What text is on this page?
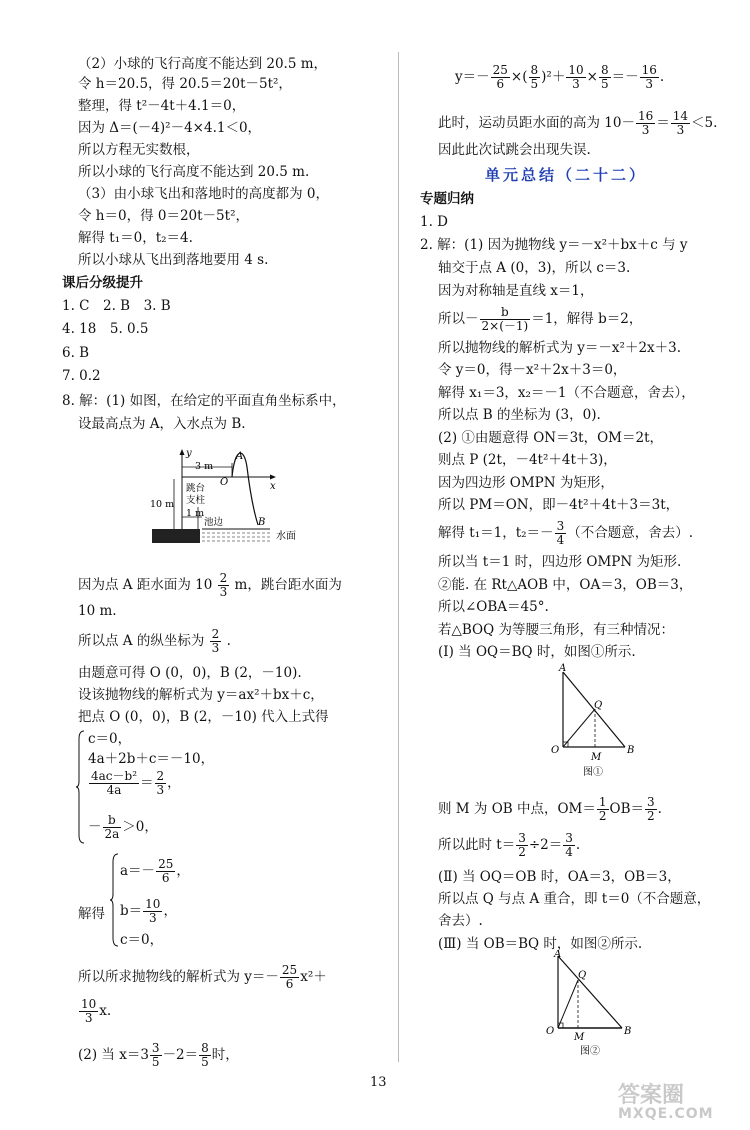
（2）小球的飞行高度不能达到 20.5 m，
令 h＝20.5，得 20.5＝20t－5t²，
整理，得 t²－4t＋4.1＝0，
因为 Δ＝(－4)²－4×4.1＜0，
所以方程无实数根，
所以小球的飞行高度不能达到 20.5 m.
（3）由小球飞出和落地时的高度都为 0，
令 h＝0，得 0＝20t－5t²，
解得 t₁＝0，t₂＝4.
所以小球从飞出到落地要用 4 s.
课后分级提升
1. C　2. B　3. B
4. 18　5. 0.5
6. B
7. 0.2
8. 解：(1) 如图，在给定的平面直角坐标系中，
设最高点为 A，入水点为 B.
y
x
A
O
B
3 m
10 m
跳台
支柱
1 m
池边
水面
因为点 A 距水面为 $10 \frac{2}{3}$ m，跳台距水面为
10 m.
所以点 A 的纵坐标为 $\frac{2}{3}$ .
由题意可得 O (0，0)，B (2，－10).
设该抛物线的解析式为 y＝ax²＋bx＋c，
把点 O (0，0)，B (2，－10) 代入上式得
c＝0，
4a＋2b＋c＝－10，
$\frac{\text{4ac－b²}}{4a} = \frac{2}{3}$ ，
－ $\frac{b}{2a} >0$，
解得
$a=- \frac{25}{6}$ ，
$b= \frac{10}{3}$ ，
c＝0，
所以所求抛物线的解析式为 $y=- \frac{25}{6} x^2+$
$\frac{10}{3} x$.
(2) 当 $x=3 \frac{3}{5} -2= \frac{8}{5}$ 时，
$y=- \frac{25}{6}$ ×( $\frac{8}{5} )^2+ \frac{10}{3} \times \frac{8}{5} =- \frac{16}{3}$ .
此时，运动员距水面的高为 $10- \frac{16}{3} = \frac{14}{3} <5$.
因此此次试跳会出现失误.
单元总结（二十二）
专题归纳
1. D
2. 解：(1) 因为抛物线 y＝－x²＋bx＋c 与 y
轴交于点 A (0，3)，所以 c＝3.
因为对称轴是直线 x＝1，
所以－ $\frac{b}{2\times(-1)} =1$，解得 b＝2，
所以抛物线的解析式为 y＝－x²＋2x＋3.
令 y＝0，得－x²＋2x＋3＝0，
解得 x₁＝3，x₂＝－1（不合题意，舍去），
所以点 B 的坐标为 (3，0).
(2) ①由题意得 ON＝3t，OM＝2t，
则点 P (2t，－4t²＋4t＋3)，
因为四边形 OMPN 为矩形，
所以 PM＝ON，即－4t²＋4t＋3＝3t，
解得 t₁＝1，$t_2=- \frac{3}{4}$ （不合题意，舍去）.
所以当 t＝1 时，四边形 OMPN 为矩形.
②能. 在 Rt△AOB 中，OA＝3，OB＝3，
所以∠OBA＝45°.
若△BOQ 为等腰三角形，有三种情况：
(Ⅰ) 当 OQ＝BQ 时，如图①所示.
A
Q
O
M
B
图①
则 M 为 OB 中点，$OM= \frac{1}{2} OB= \frac{3}{2}$ .
所以此时 $t= \frac{3}{2} \div 2= \frac{3}{4}$ .
(Ⅱ) 当 OQ＝OB 时，OA＝3，OB＝3，
所以点 Q 与点 A 重合，即 t＝0（不合题意，
舍去）.
(Ⅲ) 当 OB＝BQ 时，如图②所示.
A
Q
O
M
B
图②
13
答案圈
MXQE.COM
